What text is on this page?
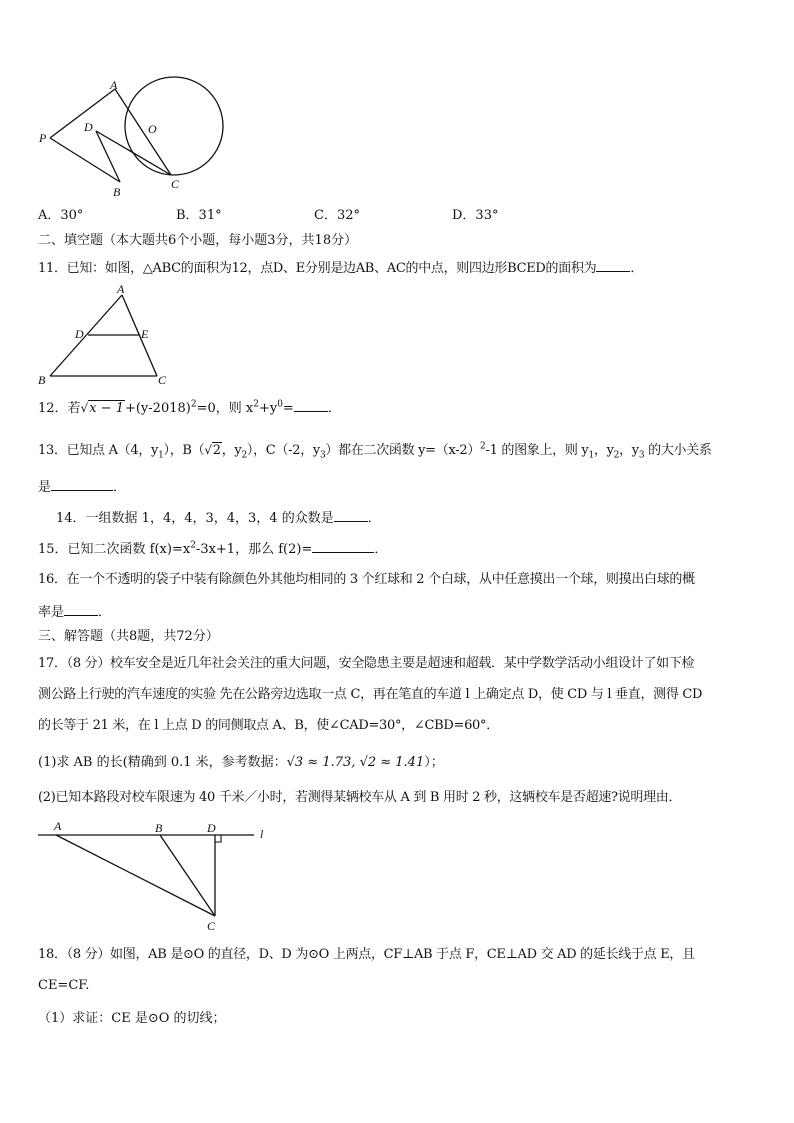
A
O
P
D
B
C
A．30°	B．31°	C．32°	D．33°
二、填空题（本大题共6个小题，每小题3分，共18分）
11．已知：如图，△ABC的面积为12，点D、E分别是边AB、AC的中点，则四边形BCED的面积为	．
A
D	E
B	C
12．若$√x - 1+(y-2018)^2=0$，则 $x^2+y^0=$	．
13．已知点 A（4，$y_1$），B（√2，$y_2$），C（-2，$y_3$）都在二次函数 $y=(x-2)^2-1$ 的图象上，则 $y_1$，$y_2$，$y_3$ 的大小关系
是	．
14．一组数据 1，4，4，3，4，3，4 的众数是	．
15．已知二次函数 $f(x)=x^2-3x+1$，那么 f(2)=	．
16．在一个不透明的袋子中装有除颜色外其他均相同的 3 个红球和 2 个白球，从中任意摸出一个球，则摸出白球的概
率是	．
三、解答题（共8题，共72分）
17．（8 分）校车安全是近几年社会关注的重大问题，安全隐患主要是超速和超载．某中学数学活动小组设计了如下检
测公路上行驶的汽车速度的实验 先在公路旁边选取一点 C，再在笔直的车道 l 上确定点 D，使 CD 与 l 垂直，测得 CD
的长等于 21 米，在 l 上点 D 的同侧取点 A、B，使∠CAD=30°，∠CBD=60°．
(1)求 AB 的长(精确到 0.1 米，参考数据：√3 ≈ 1.73, √2 ≈ 1.41）；
(2)已知本路段对校车限速为 40 千米／小时，若测得某辆校车从 A 到 B 用时 2 秒，这辆校车是否超速?说明理由．
A	B	D	l
C
18．（8 分）如图，AB 是⊙O 的直径，D、D 为⊙O 上两点，CF⊥AB 于点 F，CE⊥AD 交 AD 的延长线于点 E，且
CE=CF.
（1）求证：CE 是⊙O 的切线；
